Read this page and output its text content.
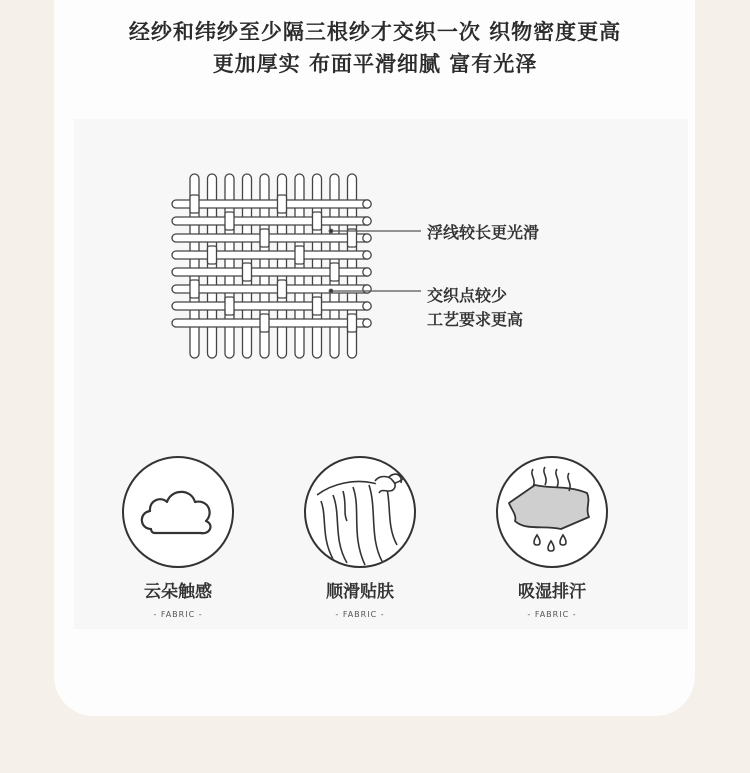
经纱和纬纱至少隔三根纱才交织一次 织物密度更高
更加厚实 布面平滑细腻 富有光泽
浮线较长更光滑
交织点较少
工艺要求更高
云朵触感
- FABRIC -
顺滑贴肤
- FABRIC -
吸湿排汗
- FABRIC -
